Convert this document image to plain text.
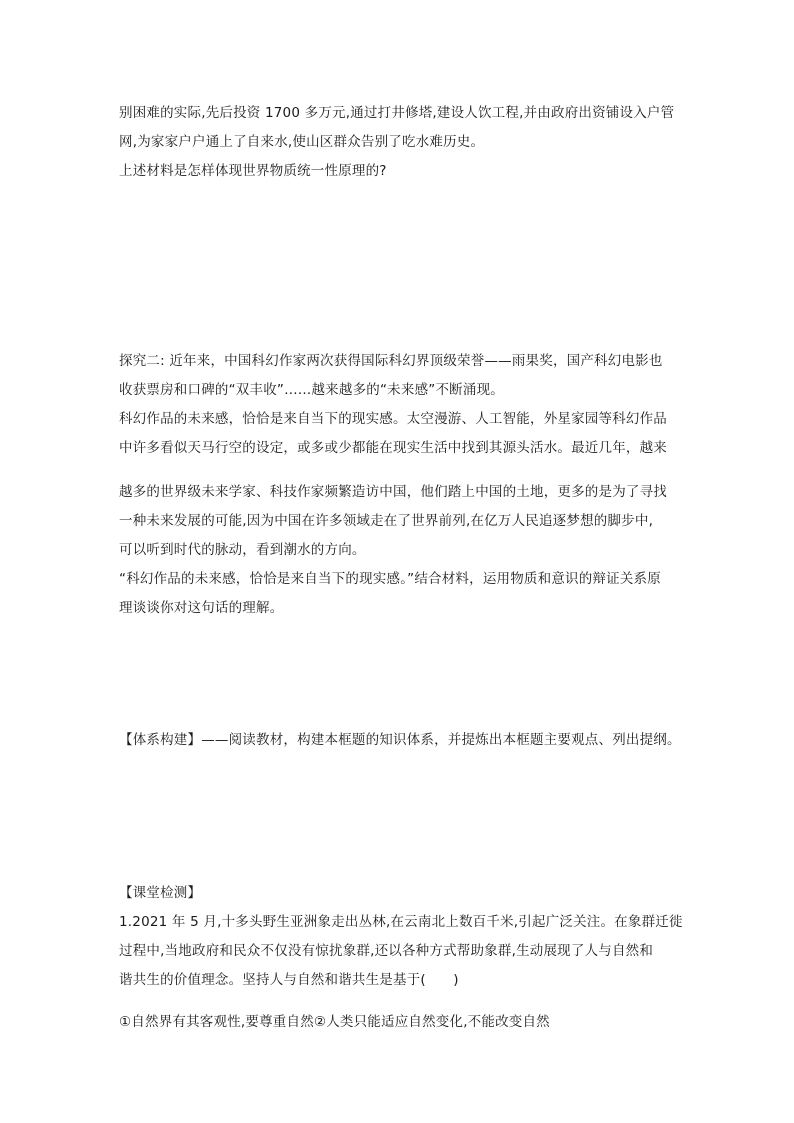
别困难的实际,先后投资 1700 多万元,通过打井修塔,建设人饮工程,并由政府出资铺设入户管
网,为家家户户通上了自来水,使山区群众告别了吃水难历史。
上述材料是怎样体现世界物质统一性原理的?
探究二: 近年来，中国科幻作家两次获得国际科幻界顶级荣誉——雨果奖，国产科幻电影也
收获票房和口碑的“双丰收”……越来越多的“未来感”不断涌现。
科幻作品的未来感，恰恰是来自当下的现实感。太空漫游、人工智能，外星家园等科幻作品
中许多看似天马行空的设定，或多或少都能在现实生活中找到其源头活水。最近几年，越来
越多的世界级未来学家、科技作家频繁造访中国，他们踏上中国的土地，更多的是为了寻找
一种未来发展的可能,因为中国在许多领域走在了世界前列,在亿万人民追逐梦想的脚步中,
可以听到时代的脉动，看到潮水的方向。
“科幻作品的未来感，恰恰是来自当下的现实感。”结合材料，运用物质和意识的辩证关系原
理谈谈你对这句话的理解。
【体系构建】——阅读教材，构建本框题的知识体系，并提炼出本框题主要观点、列出提纲。
【课堂检测】
1.2021 年 5 月,十多头野生亚洲象走出丛林,在云南北上数百千米,引起广泛关注。在象群迁徙
过程中,当地政府和民众不仅没有惊扰象群,还以各种方式帮助象群,生动展现了人与自然和
谐共生的价值理念。坚持人与自然和谐共生是基于(　　)
①自然界有其客观性,要尊重自然②人类只能适应自然变化,不能改变自然
